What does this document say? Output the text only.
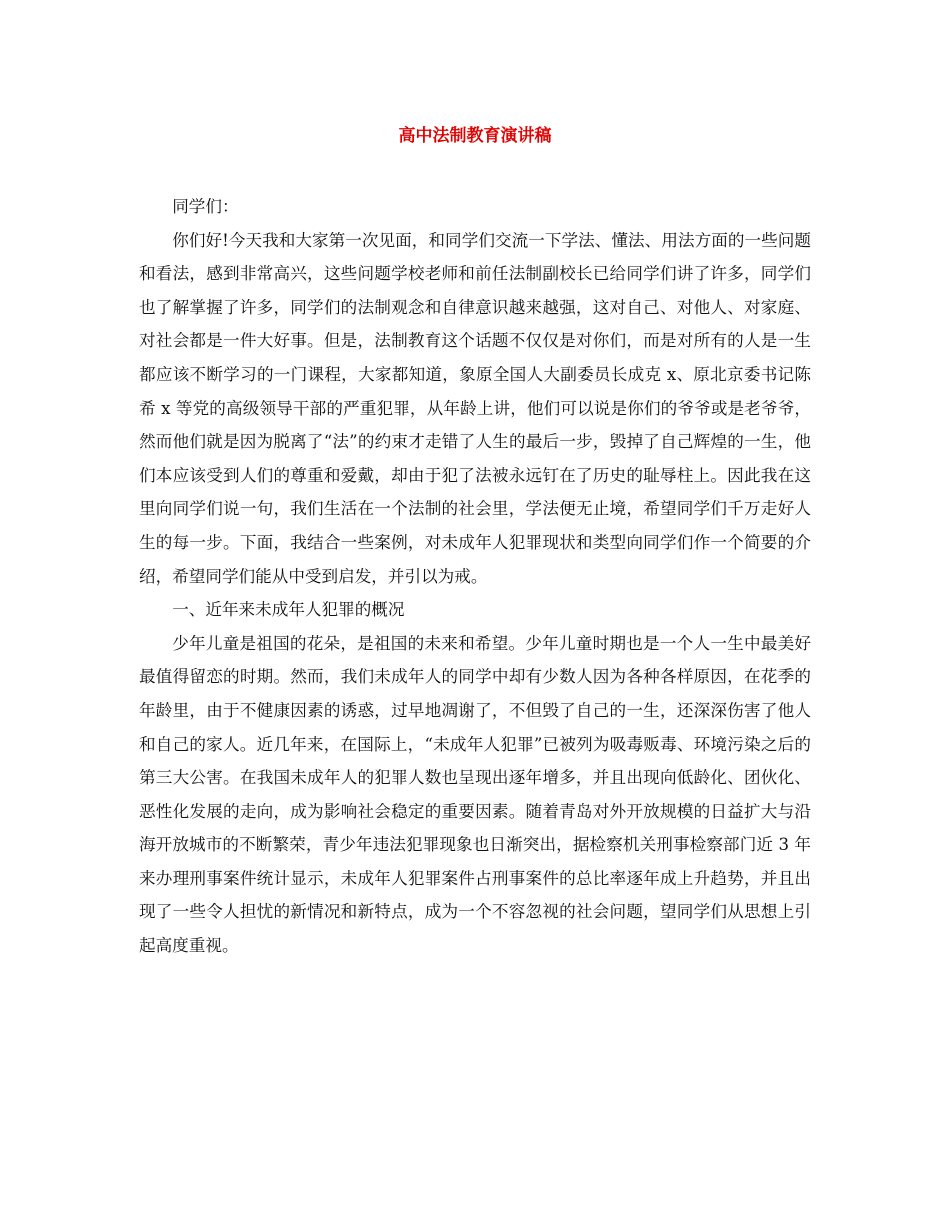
高中法制教育演讲稿

同学们：

你们好!今天我和大家第一次见面，和同学们交流一下学法、懂法、用法方面的一些问题和看法，感到非常高兴，这些问题学校老师和前任法制副校长已给同学们讲了许多，同学们也了解掌握了许多，同学们的法制观念和自律意识越来越强，这对自己、对他人、对家庭、对社会都是一件大好事。但是，法制教育这个话题不仅仅是对你们，而是对所有的人是一生都应该不断学习的一门课程，大家都知道，象原全国人大副委员长成克 x、原北京委书记陈希 x 等党的高级领导干部的严重犯罪，从年龄上讲，他们可以说是你们的爷爷或是老爷爷，然而他们就是因为脱离了“法”的约束才走错了人生的最后一步，毁掉了自己辉煌的一生，他们本应该受到人们的尊重和爱戴，却由于犯了法被永远钉在了历史的耻辱柱上。因此我在这里向同学们说一句，我们生活在一个法制的社会里，学法便无止境，希望同学们千万走好人生的每一步。下面，我结合一些案例，对未成年人犯罪现状和类型向同学们作一个简要的介绍，希望同学们能从中受到启发，并引以为戒。

一、近年来未成年人犯罪的概况

少年儿童是祖国的花朵，是祖国的未来和希望。少年儿童时期也是一个人一生中最美好最值得留恋的时期。然而，我们未成年人的同学中却有少数人因为各种各样原因，在花季的年龄里，由于不健康因素的诱惑，过早地凋谢了，不但毁了自己的一生，还深深伤害了他人和自己的家人。近几年来，在国际上，“未成年人犯罪”已被列为吸毒贩毒、环境污染之后的第三大公害。在我国未成年人的犯罪人数也呈现出逐年增多，并且出现向低龄化、团伙化、恶性化发展的走向，成为影响社会稳定的重要因素。随着青岛对外开放规模的日益扩大与沿海开放城市的不断繁荣，青少年违法犯罪现象也日渐突出，据检察机关刑事检察部门近 3 年来办理刑事案件统计显示，未成年人犯罪案件占刑事案件的总比率逐年成上升趋势，并且出现了一些令人担忧的新情况和新特点，成为一个不容忽视的社会问题，望同学们从思想上引起高度重视。
